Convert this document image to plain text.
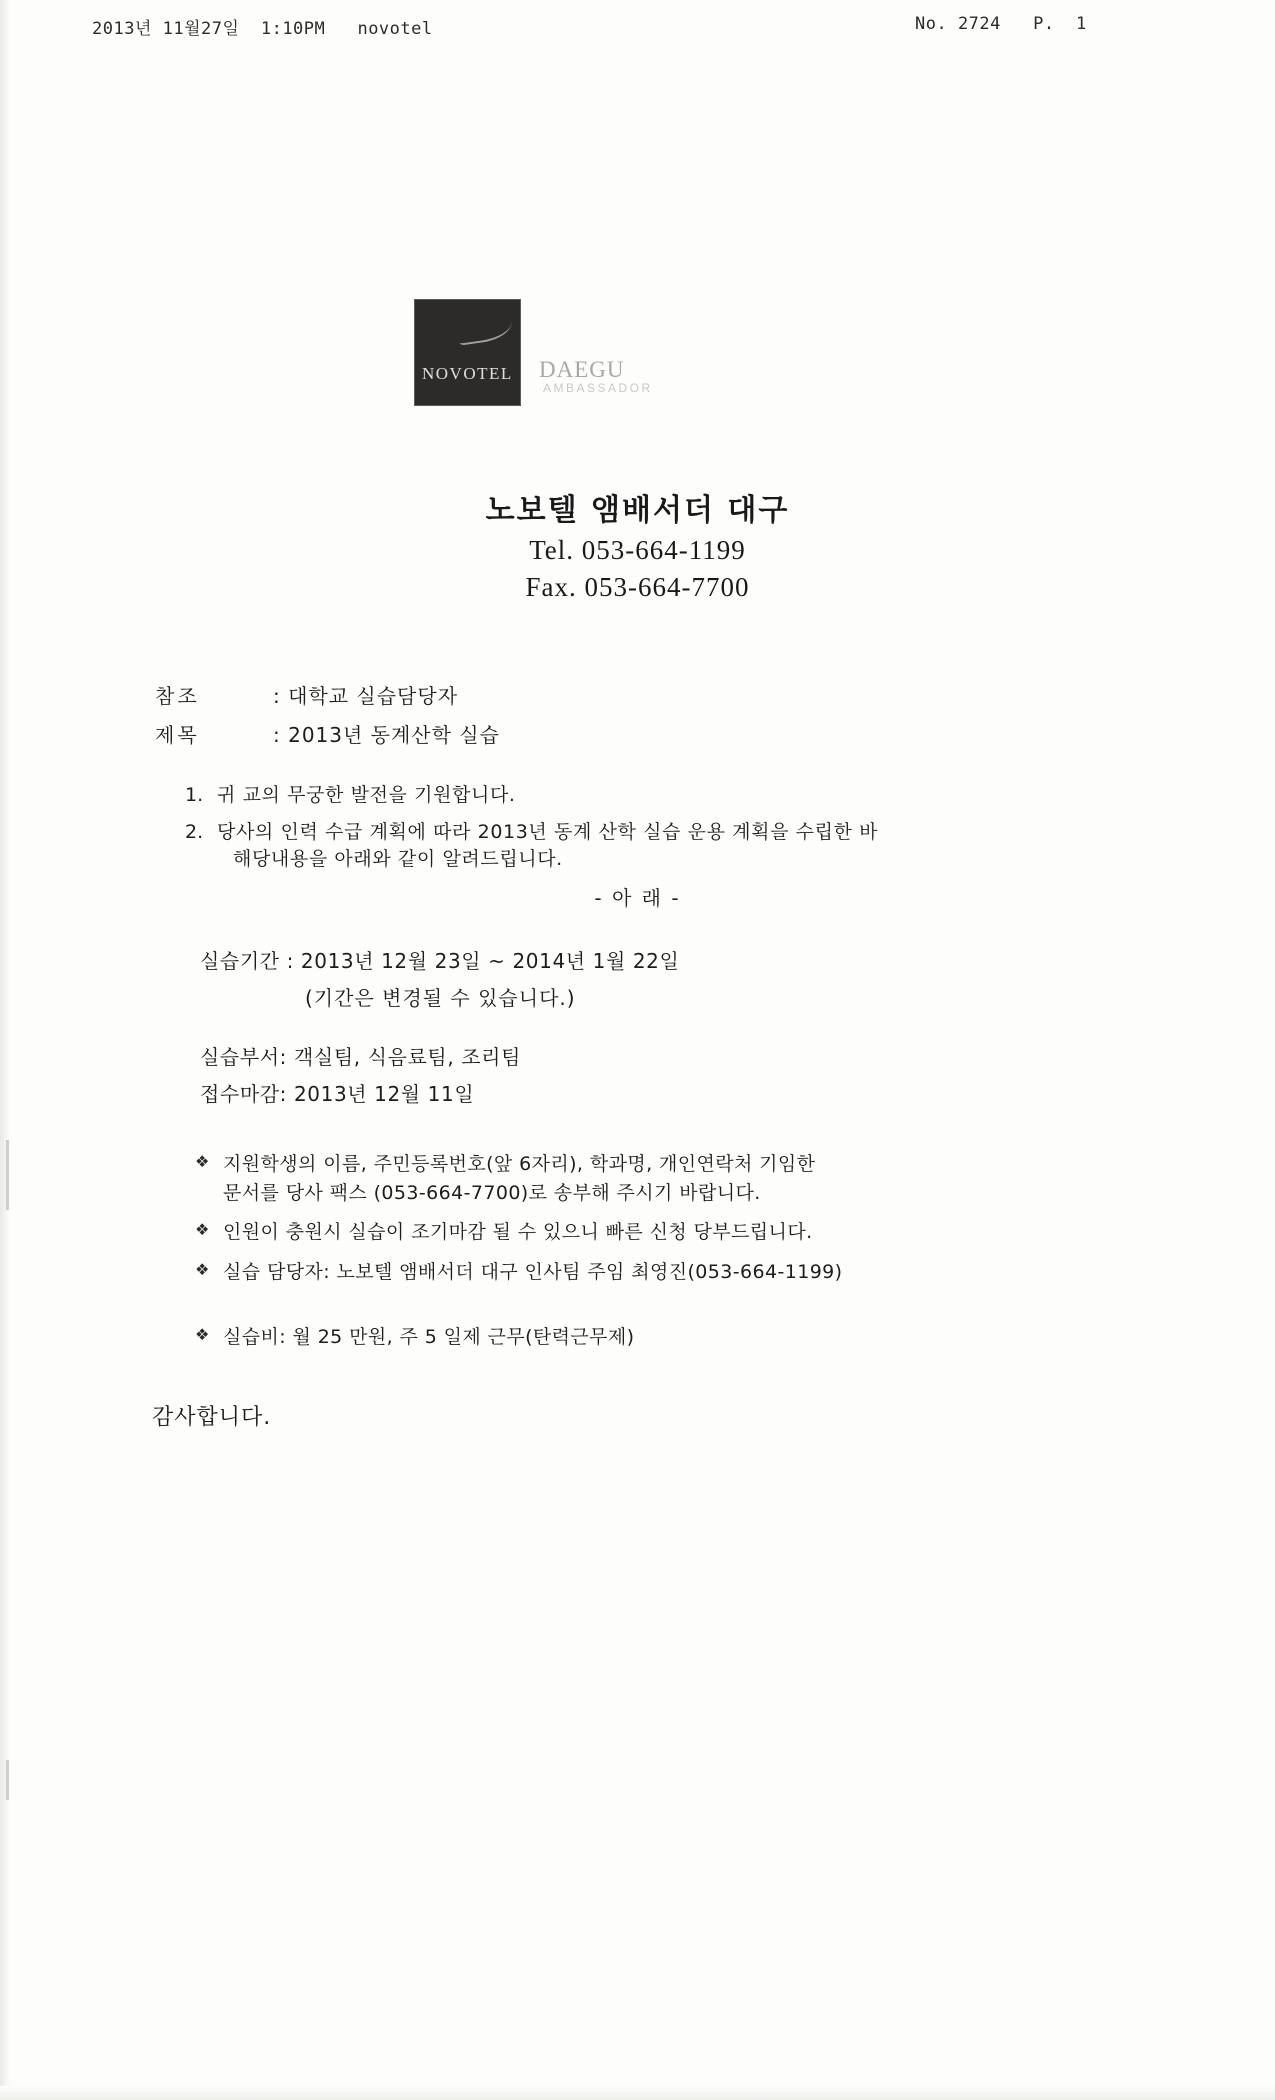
2013년 11월27일  1:10PM   novotel	No. 2724   P.  1
NOVOTEL DAEGU
AMBASSADOR
노보텔 앰배서더 대구
Tel. 053-664-1199
Fax. 053-664-7700
참조	: 대학교 실습담당자
제목	: 2013년 동계산학 실습
1. 귀 교의 무궁한 발전을 기원합니다.
2. 당사의 인력 수급 계획에 따라 2013년 동계 산학 실습 운용 계획을 수립한 바
해당내용을 아래와 같이 알려드립니다.
- 아 래 -
실습기간 : 2013년 12월 23일 ~ 2014년 1월 22일
(기간은 변경될 수 있습니다.)
실습부서: 객실팀, 식음료팀, 조리팀
접수마감: 2013년 12월 11일
❖ 지원학생의 이름, 주민등록번호(앞 6자리), 학과명, 개인연락처 기임한
문서를 당사 팩스 (053-664-7700)로 송부해 주시기 바랍니다.
❖ 인원이 충원시 실습이 조기마감 될 수 있으니 빠른 신청 당부드립니다.
❖ 실습 담당자: 노보텔 앰배서더 대구 인사팀 주임 최영진(053-664-1199)
❖ 실습비: 월 25 만원, 주 5 일제 근무(탄력근무제)
감사합니다.
